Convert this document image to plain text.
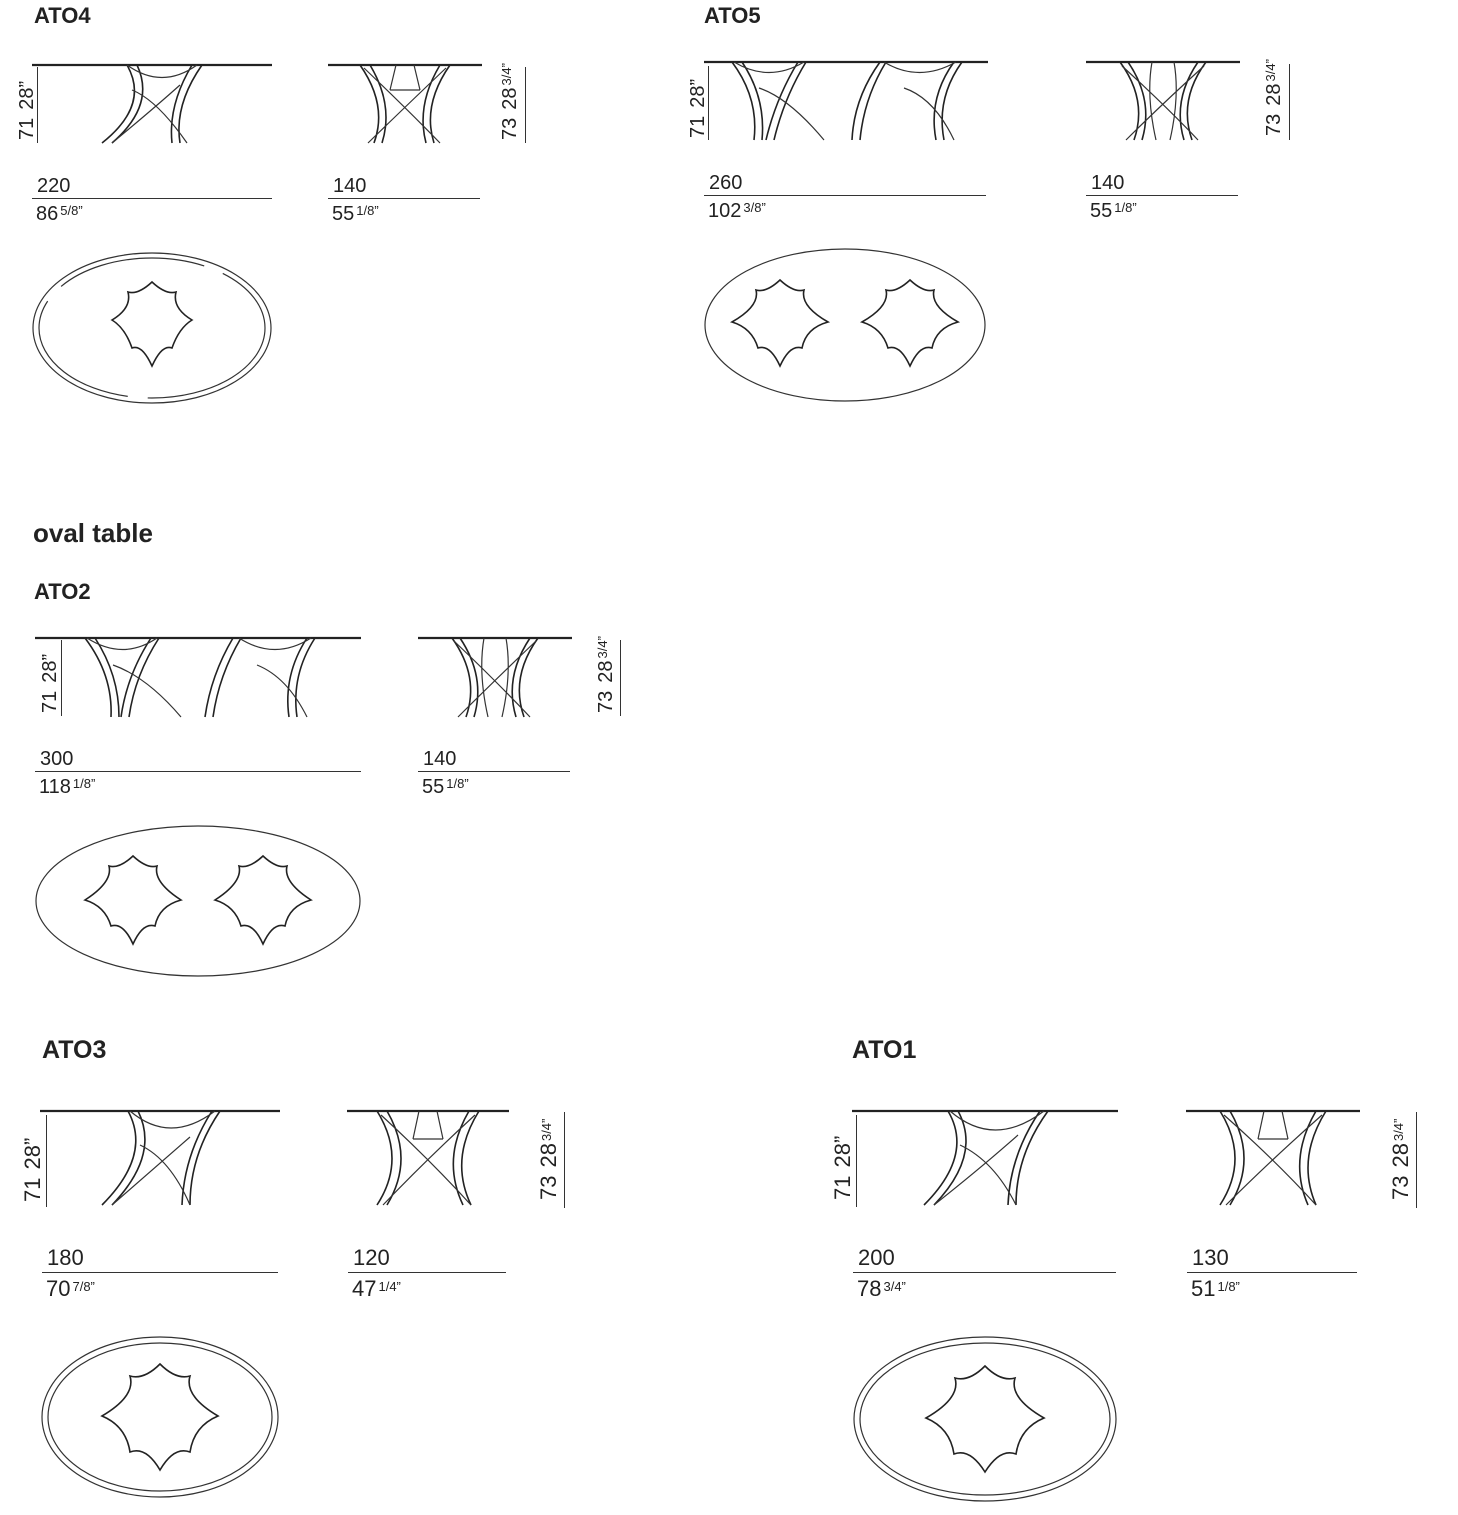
ATO4
7128”
$7328^{3/4”}$
220
86 $^{5/8”}$
140
55 $^{1/8”}$
ATO5
7128”
$7328^{3/4”}$
260
102 $^{3/8”}$
140
55 $^{1/8”}$
oval table
ATO2
7128”
$7328^{3/4”}$
300
118 $^{1/8”}$
140
55 $^{1/8”}$
ATO3
7128”
$7328^{3/4”}$
180
70 $^{7/8”}$
120
47 $^{1/4”}$
ATO1
7128”
$7328^{3/4”}$
200
78 $^{3/4”}$
130
51 $^{1/8”}$
